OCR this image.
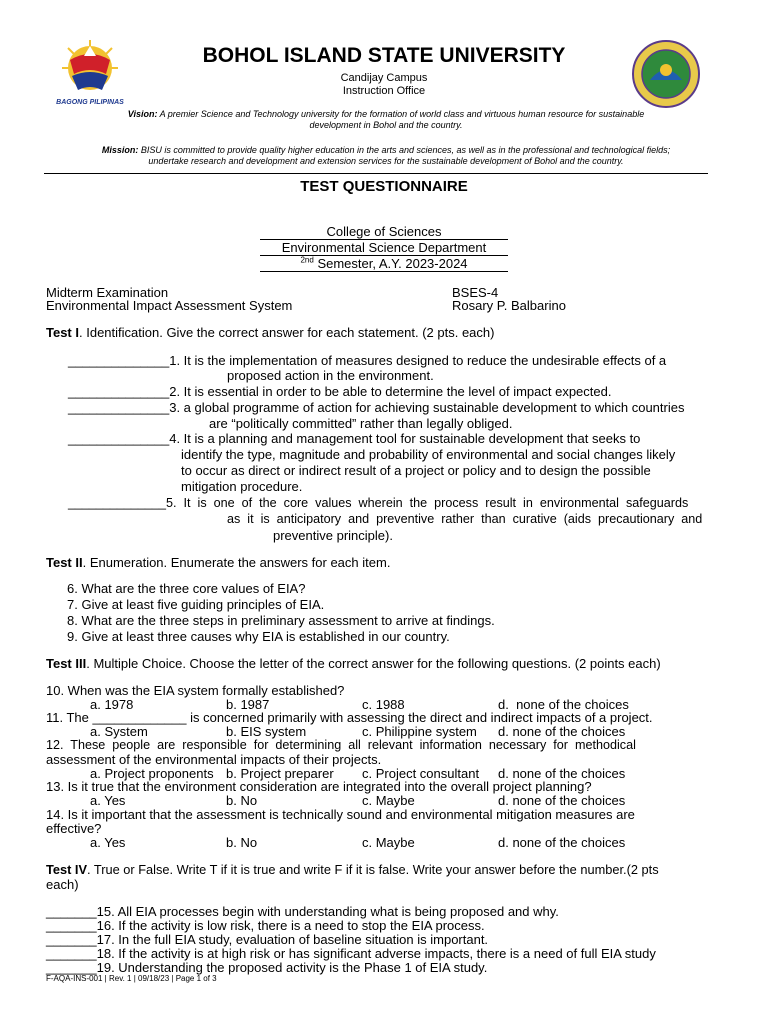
BAGONG PILIPINAS
BOHOL ISLAND STATE UNIVERSITY
Candijay Campus
Instruction Office
Vision: A premier Science and Technology university for the formation of world class and virtuous human resource for sustainable
development in Bohol and the country.
Mission: BISU is committed to provide quality higher education in the arts and sciences, as well as in the professional and technological fields;
undertake research and development and extension services for the sustainable development of Bohol and the country.
TEST QUESTIONNAIRE
College of Sciences
Environmental Science Department
$^{2nd}$ Semester, A.Y. 2023-2024
Midterm Examination
Environmental Impact Assessment System
BSES-4
Rosary P. Balbarino
Test I. Identification. Give the correct answer for each statement. (2 pts. each)
______________1. It is the implementation of measures designed to reduce the undesirable effects of a
proposed action in the environment.
______________2. It is essential in order to be able to determine the level of impact expected.
______________3. a global programme of action for achieving sustainable development to which countries
are “politically committed” rather than legally obliged.
______________4. It is a planning and management tool for sustainable development that seeks to
identify the type, magnitude and probability of environmental and social changes likely
to occur as direct or indirect result of a project or policy and to design the possible
mitigation procedure.
______________5.  It  is  one  of  the  core  values  wherein  the  process  result  in  environmental  safeguards
as  it  is  anticipatory  and  preventive  rather  than  curative  (aids  precautionary  and
preventive principle).
Test II. Enumeration. Enumerate the answers for each item.
6. What are the three core values of EIA?
7. Give at least five guiding principles of EIA.
8. What are the three steps in preliminary assessment to arrive at findings.
9. Give at least three causes why EIA is established in our country.
Test III. Multiple Choice. Choose the letter of the correct answer for the following questions. (2 points each)
10. When was the EIA system formally established?
a. 1978	b. 1987	c. 1988	d.  none of the choices
11. The _____________ is concerned primarily with assessing the direct and indirect impacts of a project.
a. System	b. EIS system	c. Philippine system d. none of the choices
12.  These  people  are  responsible  for  determining  all  relevant  information  necessary  for  methodical
assessment of the environmental impacts of their projects.
a. Project proponents b. Project preparer c. Project consultant d. none of the choices
13. Is it true that the environment consideration are integrated into the overall project planning?
a. Yes	b. No	c. Maybe	d. none of the choices
14. Is it important that the assessment is technically sound and environmental mitigation measures are
effective?
a. Yes	b. No	c. Maybe	d. none of the choices
Test IV. True or False. Write T if it is true and write F if it is false. Write your answer before the number.(2 pts
each)
_______15. All EIA processes begin with understanding what is being proposed and why.
_______16. If the activity is low risk, there is a need to stop the EIA process.
_______17. In the full EIA study, evaluation of baseline situation is important.
_______18. If the activity is at high risk or has significant adverse impacts, there is a need of full EIA study
_______19. Understanding the proposed activity is the Phase 1 of EIA study.
F-AQA-INS-001 | Rev. 1 | 09/18/23 | Page 1 of 3
